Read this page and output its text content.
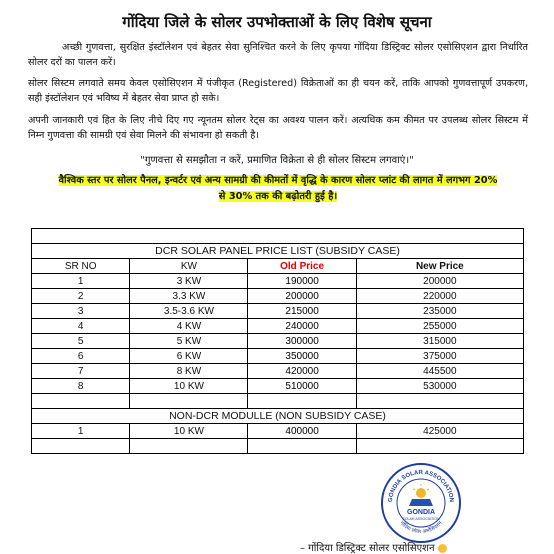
गोंदिया जिले के सोलर उपभोक्ताओं के लिए विशेष सूचना
अच्छी गुणवत्ता, सुरक्षित इंस्टॉलेशन एवं बेहतर सेवा सुनिश्चित करने के लिए कृपया गोंदिया डिस्ट्रिक्ट सोलर एसोसिएशन द्वारा निर्धारित सोलर दरों का पालन करें।
सोलर सिस्टम लगवाते समय केवल एसोसिएशन में पंजीकृत (Registered) विक्रेताओं का ही चयन करें, ताकि आपको गुणवत्तापूर्ण उपकरण, सही इंस्टॉलेशन एवं भविष्य में बेहतर सेवा प्राप्त हो सके।
अपनी जानकारी एवं हित के लिए नीचे दिए गए न्यूनतम सोलर रेट्स का अवश्य पालन करें। अत्यधिक कम कीमत पर उपलब्ध सोलर सिस्टम में निम्न गुणवत्ता की सामग्री एवं सेवा मिलने की संभावना हो सकती है।
"गुणवत्ता से समझौता न करें, प्रमाणित विक्रेता से ही सोलर सिस्टम लगवाएं।"
वैश्विक स्तर पर सोलर पैनल, इन्वर्टर एवं अन्य सामग्री की कीमतों में वृद्धि के कारण सोलर प्लांट की लागत में लगभग 20%
से 30% तक की बढ़ोतरी हुई है।

DCR SOLAR PANEL PRICE LIST (SUBSIDY CASE)			
SR NO	KW	Old Price	New Price
1	3 KW	190000	200000
2	3.3 KW	200000	220000
3	3.5-3.6 KW	215000	235000
4	4 KW	240000	255000
5	5 KW	300000	315000
6	6 KW	350000	375000
7	8 KW	420000	445500
8	10 KW	510000	530000

NON-DCR MODULLE (NON SUBSIDY CASE)			
1	10 KW	400000	425000

GONDIA SOLAR ASSOCIATION
गोंदिया सोलर असोसिएशन
GONDIA
SOLAR ASSOCIATION
– गोंदिया डिस्ट्रिक्ट सोलर एसोसिएशन
